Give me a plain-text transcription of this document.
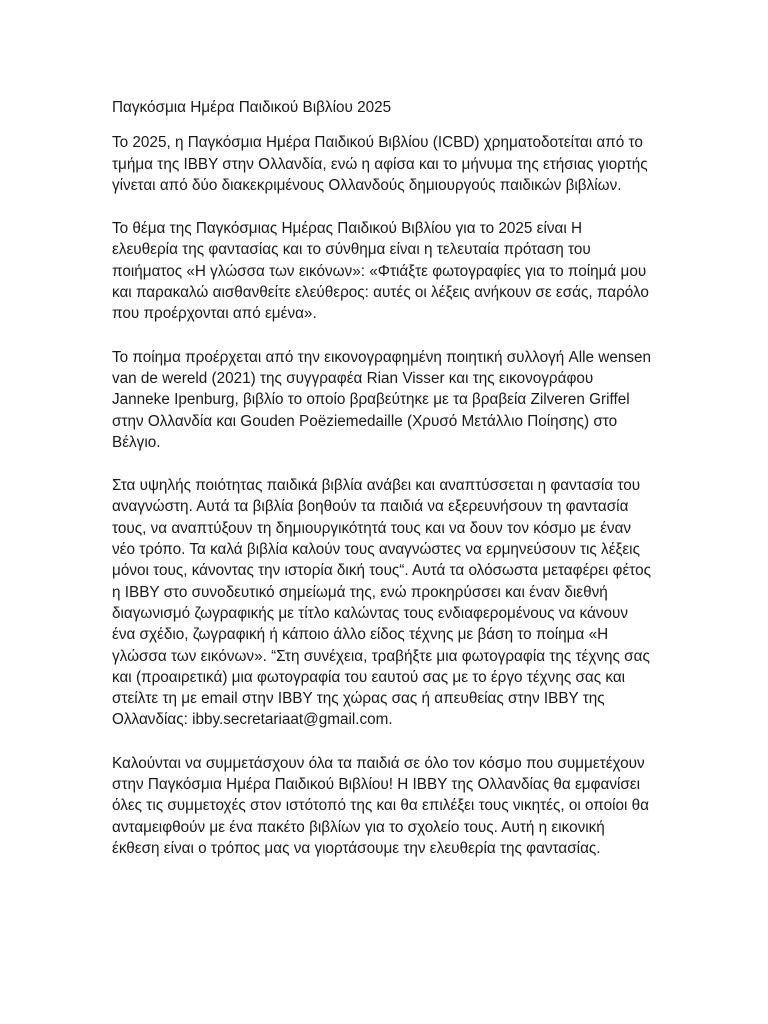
Παγκόσμια Ημέρα Παιδικού Βιβλίου 2025

Το 2025, η Παγκόσμια Ημέρα Παιδικού Βιβλίου (ICBD) χρηματοδοτείται από το τμήμα της IBBY στην Ολλανδία, ενώ η αφίσα και το μήνυμα της ετήσιας γιορτής γίνεται από δύο διακεκριμένους Ολλανδούς δημιουργούς παιδικών βιβλίων.

Το θέμα της Παγκόσμιας Ημέρας Παιδικού Βιβλίου για το 2025 είναι Η ελευθερία της φαντασίας και το σύνθημα είναι η τελευταία πρόταση του ποιήματος «Η γλώσσα των εικόνων»: «Φτιάξτε φωτογραφίες για το ποίημά μου και παρακαλώ αισθανθείτε ελεύθερος: αυτές οι λέξεις ανήκουν σε εσάς, παρόλο που προέρχονται από εμένα».

Το ποίημα προέρχεται από την εικονογραφημένη ποιητική συλλογή Alle wensen van de wereld (2021) της συγγραφέα Rian Visser και της εικονογράφου Janneke Ipenburg, βιβλίο το οποίο βραβεύτηκε με τα βραβεία Zilveren Griffel στην Ολλανδία και Gouden Poëziemedaille (Χρυσό Μετάλλιο Ποίησης) στο Βέλγιο.

Στα υψηλής ποιότητας παιδικά βιβλία ανάβει και αναπτύσσεται η φαντασία του αναγνώστη. Αυτά τα βιβλία βοηθούν τα παιδιά να εξερευνήσουν τη φαντασία τους, να αναπτύξουν τη δημιουργικότητά τους και να δουν τον κόσμο με έναν νέο τρόπο. Τα καλά βιβλία καλούν τους αναγνώστες να ερμηνεύσουν τις λέξεις μόνοι τους, κάνοντας την ιστορία δική τους“. Αυτά τα ολόσωστα μεταφέρει φέτος η IBBY στο συνοδευτικό σημείωμά της, ενώ προκηρύσσει και έναν διεθνή διαγωνισμό ζωγραφικής με τίτλο καλώντας τους ενδιαφερομένους να κάνουν ένα σχέδιο, ζωγραφική ή κάποιο άλλο είδος τέχνης με βάση το ποίημα «Η γλώσσα των εικόνων». “Στη συνέχεια, τραβήξτε μια φωτογραφία της τέχνης σας και (προαιρετικά) μια φωτογραφία του εαυτού σας με το έργο τέχνης σας και στείλτε τη με email στην IBBY της χώρας σας ή απευθείας στην IBBY της Ολλανδίας: ibby.secretariaat@gmail.com.

Καλούνται να συμμετάσχουν όλα τα παιδιά σε όλο τον κόσμο που συμμετέχουν στην Παγκόσμια Ημέρα Παιδικού Βιβλίου! Η IBBY της Ολλανδίας θα εμφανίσει όλες τις συμμετοχές στον ιστότοπό της και θα επιλέξει τους νικητές, οι οποίοι θα ανταμειφθούν με ένα πακέτο βιβλίων για το σχολείο τους. Αυτή η εικονική έκθεση είναι ο τρόπος μας να γιορτάσουμε την ελευθερία της φαντασίας.
